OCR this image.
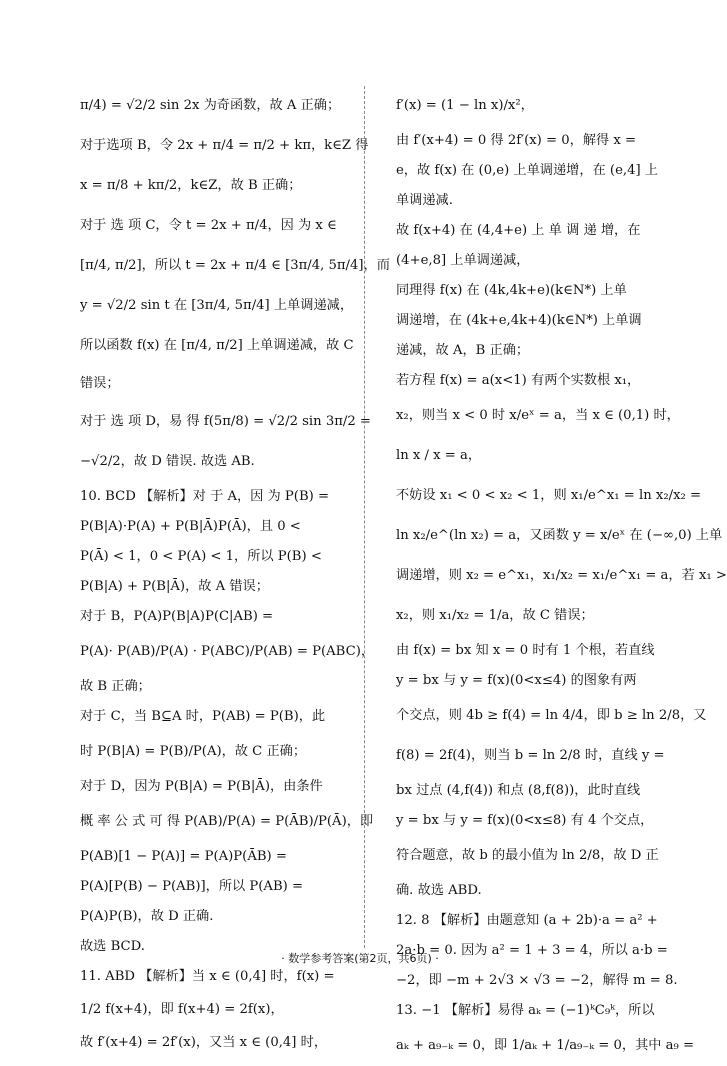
π/4) = √2/2 sin 2x 为奇函数，故 A 正确；
对于选项 B，令 2x + π/4 = π/2 + kπ，k∈Z 得
x = π/8 + kπ/2，k∈Z，故 B 正确；
对于 选 项 C，令 t = 2x + π/4，因 为 x ∈
[π/4, π/2]，所以 t = 2x + π/4 ∈ [3π/4, 5π/4]，而
y = √2/2 sin t 在 [3π/4, 5π/4] 上单调递减，
所以函数 f(x) 在 [π/4, π/2] 上单调递减，故 C
错误；
对于 选 项 D，易 得 f(5π/8) = √2/2 sin 3π/2 =
−√2/2，故 D 错误. 故选 AB.
10. BCD 【解析】对 于 A，因 为 P(B) =
P(B|A)·P(A) + P(B|Ā)P(Ā)，且 0 <
P(Ā) < 1，0 < P(A) < 1，所以 P(B) <
P(B|A) + P(B|Ā)，故 A 错误；
对于 B，P(A)P(B|A)P(C|AB) =
P(A)· P(AB)/P(A) · P(ABC)/P(AB) = P(ABC)，
故 B 正确；
对于 C，当 B⊆A 时，P(AB) = P(B)，此
时 P(B|A) = P(B)/P(A)，故 C 正确；
对于 D，因为 P(B|A) = P(B|Ā)，由条件
概 率 公 式 可 得 P(AB)/P(A) = P(ĀB)/P(Ā)，即
P(AB)[1 − P(A)] = P(A)P(ĀB) =
P(A)[P(B) − P(AB)]，所以 P(AB) =
P(A)P(B)，故 D 正确.
故选 BCD.
11. ABD 【解析】当 x ∈ (0,4] 时，f(x) =
1/2 f(x+4)，即 f(x+4) = 2f(x)，
故 f′(x+4) = 2f′(x)，又当 x ∈ (0,4] 时，
f′(x) = (1 − ln x)/x²，
由 f′(x+4) = 0 得 2f′(x) = 0，解得 x =
e，故 f(x) 在 (0,e) 上单调递增，在 (e,4] 上
单调递减.
故 f(x+4) 在 (4,4+e) 上 单 调 递 增，在
(4+e,8] 上单调递减，
同理得 f(x) 在 (4k,4k+e)(k∈N*) 上单
调递增，在 (4k+e,4k+4)(k∈N*) 上单调
递减，故 A，B 正确；
若方程 f(x) = a(x<1) 有两个实数根 x₁，
x₂，则当 x < 0 时 x/eˣ = a，当 x ∈ (0,1) 时，
ln x / x = a，
不妨设 x₁ < 0 < x₂ < 1，则 x₁/e^x₁ = ln x₂/x₂ =
ln x₂/e^(ln x₂) = a，又函数 y = x/eˣ 在 (−∞,0) 上单
调递增，则 x₂ = e^x₁，x₁/x₂ = x₁/e^x₁ = a，若 x₁ >
x₂，则 x₁/x₂ = 1/a，故 C 错误；
由 f(x) = bx 知 x = 0 时有 1 个根，若直线
y = bx 与 y = f(x)(0<x≤4) 的图象有两
个交点，则 4b ≥ f(4) = ln 4/4，即 b ≥ ln 2/8，又
f(8) = 2f(4)，则当 b = ln 2/8 时，直线 y =
bx 过点 (4,f(4)) 和点 (8,f(8))，此时直线
y = bx 与 y = f(x)(0<x≤8) 有 4 个交点，
符合题意，故 b 的最小值为 ln 2/8，故 D 正
确. 故选 ABD.
12. 8 【解析】由题意知 (a + 2b)·a = a² +
2a·b = 0. 因为 a² = 1 + 3 = 4，所以 a·b =
−2，即 −m + 2√3 × √3 = −2，解得 m = 8.
13. −1 【解析】易得 aₖ = (−1)ᵏC₉ᵏ，所以
aₖ + a₉₋ₖ = 0，即 1/aₖ + 1/a₉₋ₖ = 0，其中 a₉ =
· 数学参考答案(第2页，共6页) ·
